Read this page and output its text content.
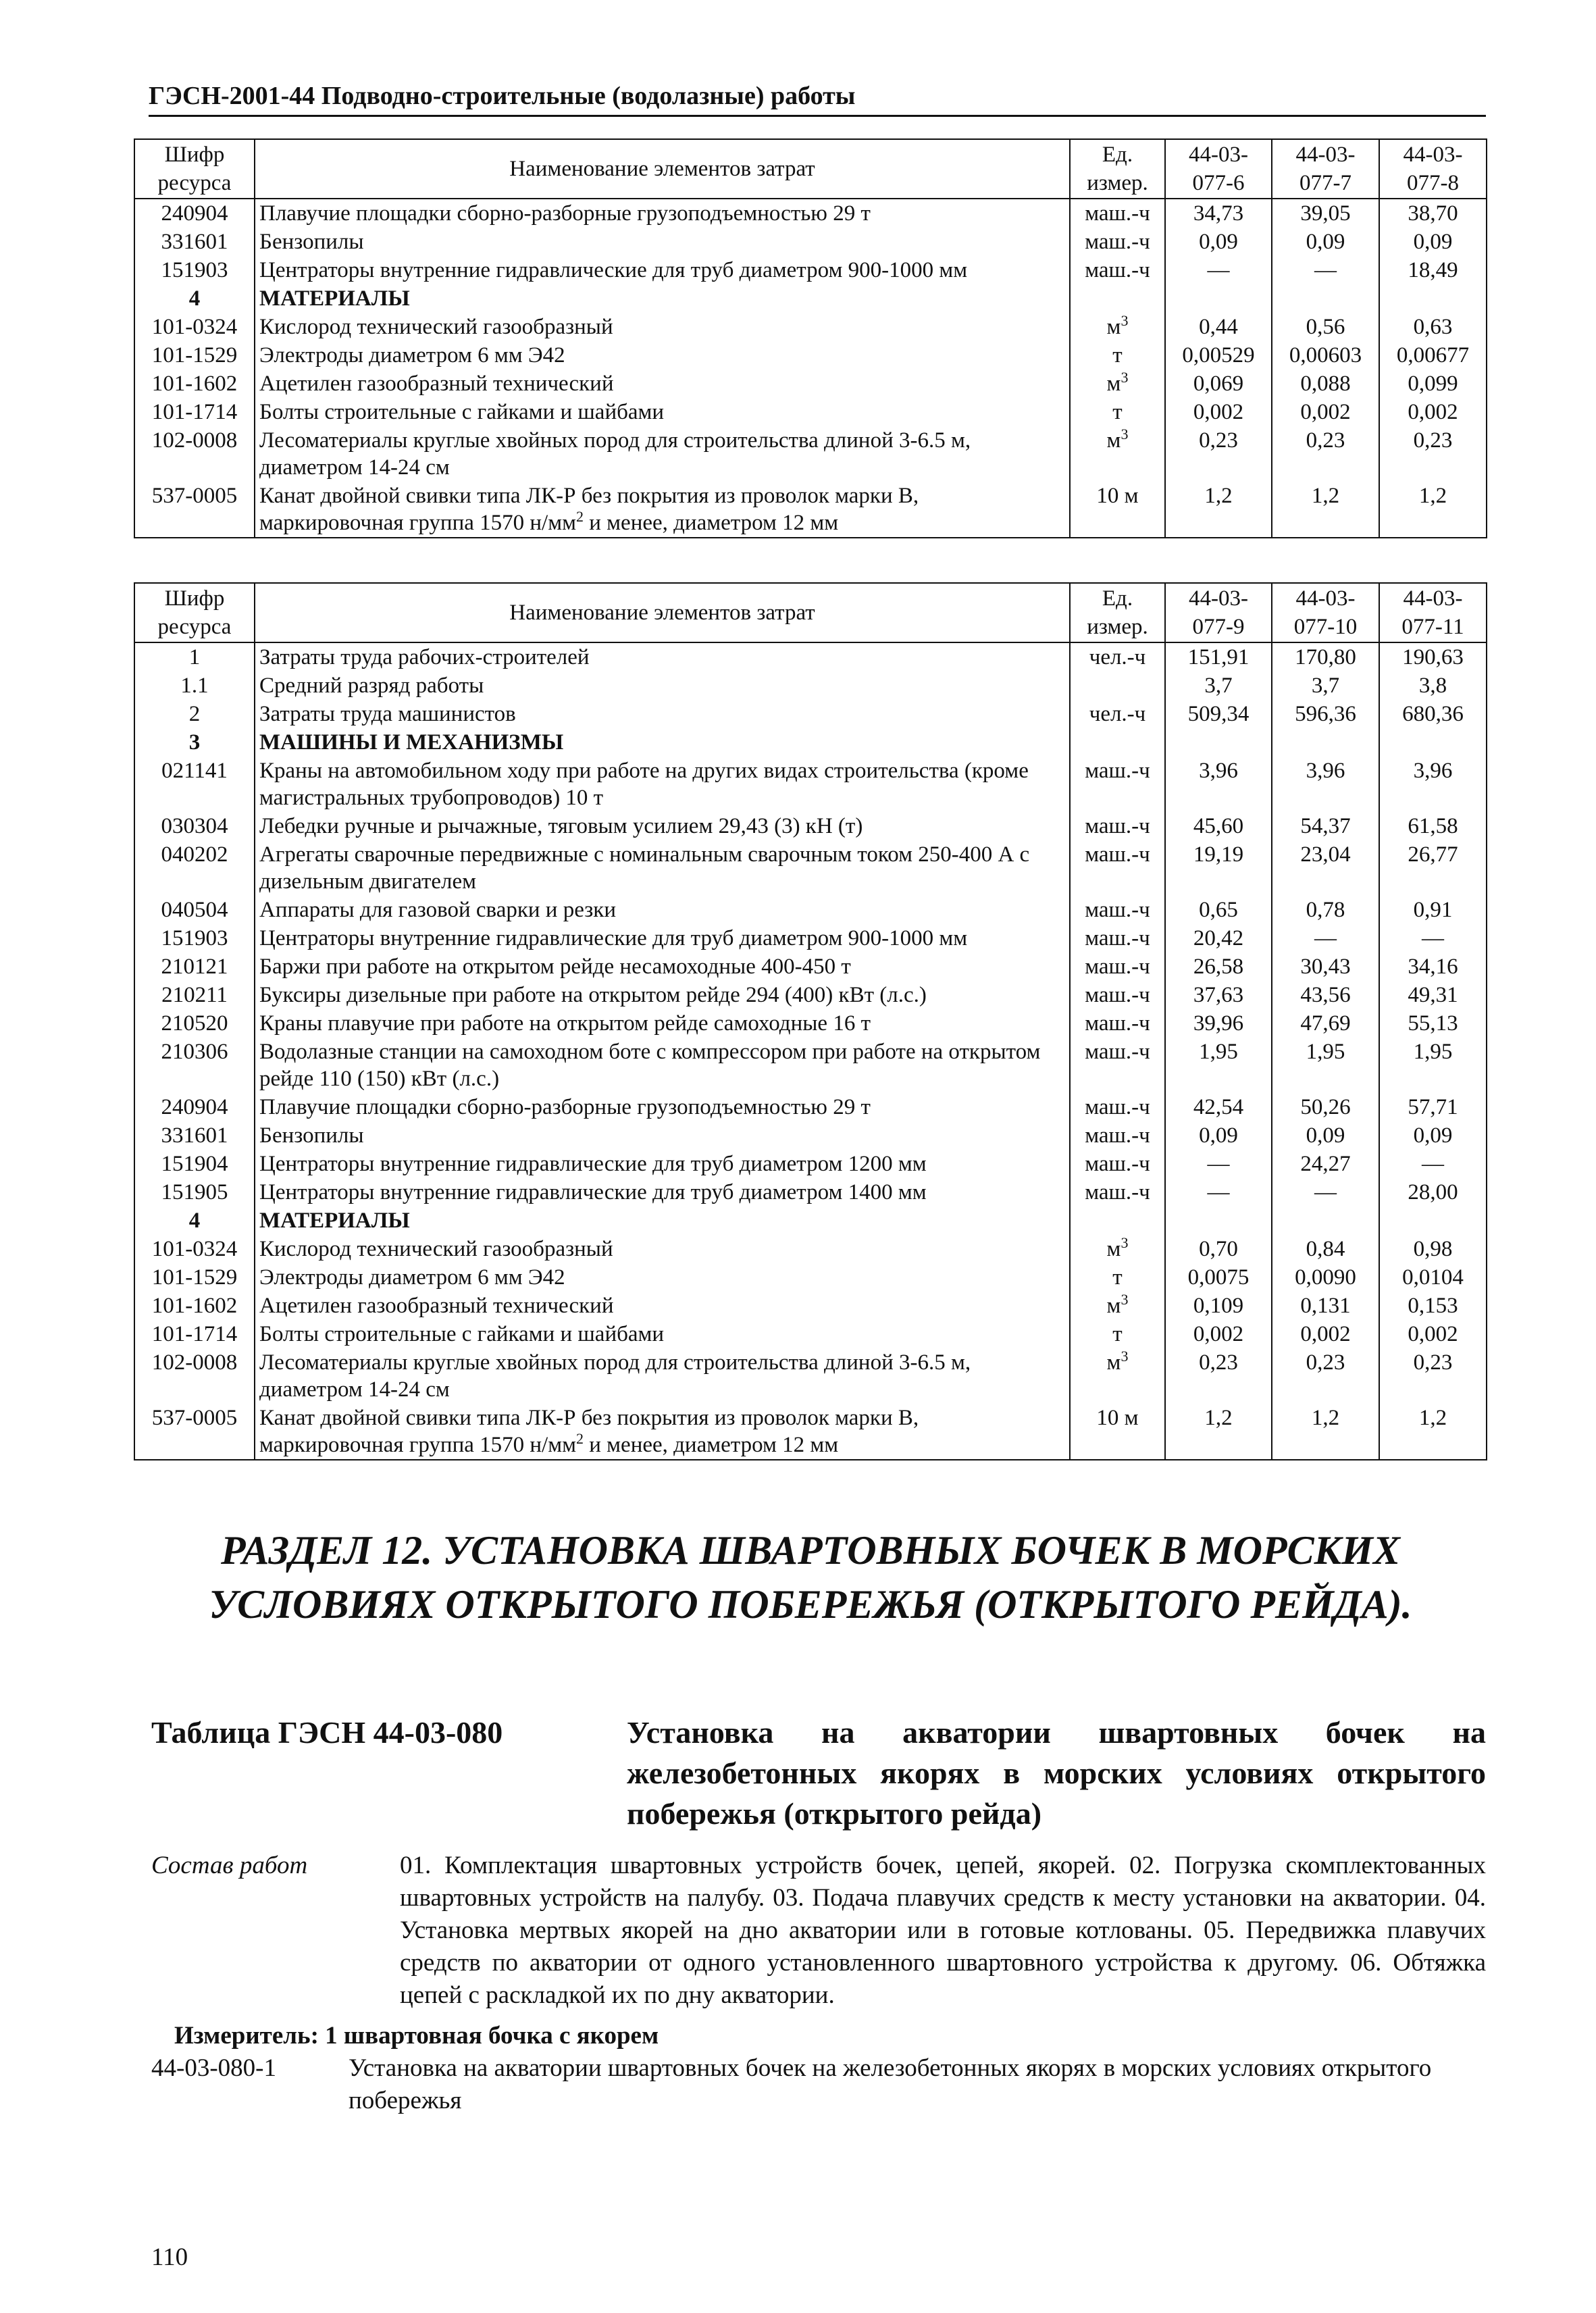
ГЭСН-2001-44 Подводно-строительные (водолазные) работы
Шифр ресурса	Наименование элементов затрат	Ед. измер.	44-03-077-6	44-03-077-7	44-03-077-8
240904	Плавучие площадки сборно-разборные грузоподъемностью 29 т	маш.-ч	34,73	39,05	38,70
331601	Бензопилы	маш.-ч	0,09	0,09	0,09
151903	Центраторы внутренние гидравлические для труб диаметром 900-1000 мм	маш.-ч	—	—	18,49
4	МАТЕРИАЛЫ				
101-0324	Кислород технический газообразный	$м^3$	0,44	0,56	0,63
101-1529	Электроды диаметром 6 мм Э42	т	0,00529	0,00603	0,00677
101-1602	Ацетилен газообразный технический	$м^3$	0,069	0,088	0,099
101-1714	Болты строительные с гайками и шайбами	т	0,002	0,002	0,002
102-0008	Лесоматериалы круглые хвойных пород для строительства длиной 3-6.5 м, диаметром 14-24 см	$м^3$	0,23	0,23	0,23
537-0005	Канат двойной свивки типа ЛК-Р без покрытия из проволок марки В, маркировочная группа 1570 $н/мм^2$ и менее, диаметром 12 мм	10 м	1,2	1,2	1,2
Шифр ресурса	Наименование элементов затрат	Ед. измер.	44-03-077-9	44-03-077-10	44-03-077-11
1	Затраты труда рабочих-строителей	чел.-ч	151,91	170,80	190,63
1.1	Средний разряд работы		3,7	3,7	3,8
2	Затраты труда машинистов	чел.-ч	509,34	596,36	680,36
3	МАШИНЫ И МЕХАНИЗМЫ				
021141	Краны на автомобильном ходу при работе на других видах строительства (кроме магистральных трубопроводов) 10 т	маш.-ч	3,96	3,96	3,96
030304	Лебедки ручные и рычажные, тяговым усилием 29,43 (3) кН (т)	маш.-ч	45,60	54,37	61,58
040202	Агрегаты сварочные передвижные с номинальным сварочным током 250-400 А с дизельным двигателем	маш.-ч	19,19	23,04	26,77
040504	Аппараты для газовой сварки и резки	маш.-ч	0,65	0,78	0,91
151903	Центраторы внутренние гидравлические для труб диаметром 900-1000 мм	маш.-ч	20,42	—	—
210121	Баржи при работе на открытом рейде несамоходные 400-450 т	маш.-ч	26,58	30,43	34,16
210211	Буксиры дизельные при работе на открытом рейде 294 (400) кВт (л.с.)	маш.-ч	37,63	43,56	49,31
210520	Краны плавучие при работе на открытом рейде самоходные 16 т	маш.-ч	39,96	47,69	55,13
210306	Водолазные станции на самоходном боте с компрессором при работе на открытом рейде 110 (150) кВт (л.с.)	маш.-ч	1,95	1,95	1,95
240904	Плавучие площадки сборно-разборные грузоподъемностью 29 т	маш.-ч	42,54	50,26	57,71
331601	Бензопилы	маш.-ч	0,09	0,09	0,09
151904	Центраторы внутренние гидравлические для труб диаметром 1200 мм	маш.-ч	—	24,27	—
151905	Центраторы внутренние гидравлические для труб диаметром 1400 мм	маш.-ч	—	—	28,00
4	МАТЕРИАЛЫ				
101-0324	Кислород технический газообразный	$м^3$	0,70	0,84	0,98
101-1529	Электроды диаметром 6 мм Э42	т	0,0075	0,0090	0,0104
101-1602	Ацетилен газообразный технический	$м^3$	0,109	0,131	0,153
101-1714	Болты строительные с гайками и шайбами	т	0,002	0,002	0,002
102-0008	Лесоматериалы круглые хвойных пород для строительства длиной 3-6.5 м, диаметром 14-24 см	$м^3$	0,23	0,23	0,23
537-0005	Канат двойной свивки типа ЛК-Р без покрытия из проволок марки В, маркировочная группа 1570 $н/мм^2$ и менее, диаметром 12 мм	10 м	1,2	1,2	1,2
РАЗДЕЛ 12. УСТАНОВКА ШВАРТОВНЫХ БОЧЕК В МОРСКИХ УСЛОВИЯХ ОТКРЫТОГО ПОБЕРЕЖЬЯ (ОТКРЫТОГО РЕЙДА).
Таблица ГЭСН 44-03-080	Установка на акватории швартовных бочек на железобетонных якорях в морских условиях открытого побережья (открытого рейда)
Состав работ	01. Комплектация швартовных устройств бочек, цепей, якорей. 02. Погрузка скомплектованных швартовных устройств на палубу. 03. Подача плавучих средств к месту установки на акватории. 04. Установка мертвых якорей на дно акватории или в готовые котлованы. 05. Передвижка плавучих средств по акватории от одного установленного швартовного устройства к другому. 06. Обтяжка цепей с раскладкой их по дну акватории.
Измеритель: 1 швартовная бочка с якорем
44-03-080-1	Установка на акватории швартовных бочек на железобетонных якорях в морских условиях открытого побережья
110
